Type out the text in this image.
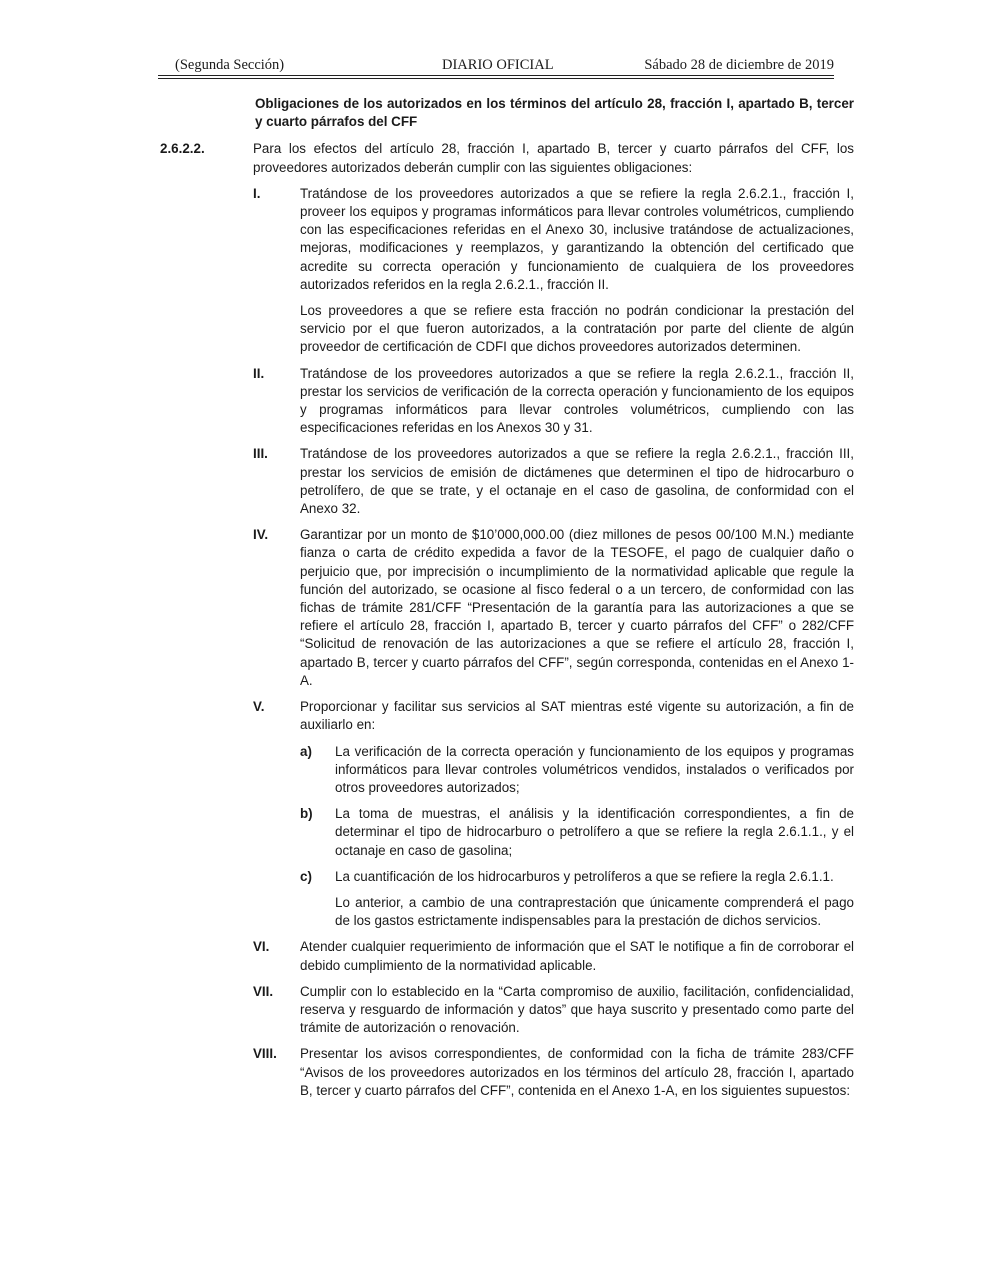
(Segunda Sección)	DIARIO OFICIAL	Sábado 28 de diciembre de 2019
Obligaciones de los autorizados en los términos del artículo 28, fracción I, apartado B, tercer y cuarto párrafos del CFF
2.6.2.2.	Para los efectos del artículo 28, fracción I, apartado B, tercer y cuarto párrafos del CFF, los proveedores autorizados deberán cumplir con las siguientes obligaciones:
I.	Tratándose de los proveedores autorizados a que se refiere la regla 2.6.2.1., fracción I, proveer los equipos y programas informáticos para llevar controles volumétricos, cumpliendo con las especificaciones referidas en el Anexo 30, inclusive tratándose de actualizaciones, mejoras, modificaciones y reemplazos, y garantizando la obtención del certificado que acredite su correcta operación y funcionamiento de cualquiera de los proveedores autorizados referidos en la regla 2.6.2.1., fracción II.

Los proveedores a que se refiere esta fracción no podrán condicionar la prestación del servicio por el que fueron autorizados, a la contratación por parte del cliente de algún proveedor de certificación de CDFI que dichos proveedores autorizados determinen.

II.	Tratándose de los proveedores autorizados a que se refiere la regla 2.6.2.1., fracción II, prestar los servicios de verificación de la correcta operación y funcionamiento de los equipos y programas informáticos para llevar controles volumétricos, cumpliendo con las especificaciones referidas en los Anexos 30 y 31.

III.	Tratándose de los proveedores autorizados a que se refiere la regla 2.6.2.1., fracción III, prestar los servicios de emisión de dictámenes que determinen el tipo de hidrocarburo o petrolífero, de que se trate, y el octanaje en el caso de gasolina, de conformidad con el Anexo 32.

IV.	Garantizar por un monto de $10’000,000.00 (diez millones de pesos 00/100 M.N.) mediante fianza o carta de crédito expedida a favor de la TESOFE, el pago de cualquier daño o perjuicio que, por imprecisión o incumplimiento de la normatividad aplicable que regule la función del autorizado, se ocasione al fisco federal o a un tercero, de conformidad con las fichas de trámite 281/CFF “Presentación de la garantía para las autorizaciones a que se refiere el artículo 28, fracción I, apartado B, tercer y cuarto párrafos del CFF” o 282/CFF “Solicitud de renovación de las autorizaciones a que se refiere el artículo 28, fracción I, apartado B, tercer y cuarto párrafos del CFF”, según corresponda, contenidas en el Anexo 1-A.

V.	Proporcionar y facilitar sus servicios al SAT mientras esté vigente su autorización, a fin de auxiliarlo en:

a)	La verificación de la correcta operación y funcionamiento de los equipos y programas informáticos para llevar controles volumétricos vendidos, instalados o verificados por otros proveedores autorizados;

b)	La toma de muestras, el análisis y la identificación correspondientes, a fin de determinar el tipo de hidrocarburo o petrolífero a que se refiere la regla 2.6.1.1., y el octanaje en caso de gasolina;

c)	La cuantificación de los hidrocarburos y petrolíferos a que se refiere la regla 2.6.1.1.

Lo anterior, a cambio de una contraprestación que únicamente comprenderá el pago de los gastos estrictamente indispensables para la prestación de dichos servicios.

VI.	Atender cualquier requerimiento de información que el SAT le notifique a fin de corroborar el debido cumplimiento de la normatividad aplicable.

VII.	Cumplir con lo establecido en la “Carta compromiso de auxilio, facilitación, confidencialidad, reserva y resguardo de información y datos” que haya suscrito y presentado como parte del trámite de autorización o renovación.

VIII.	Presentar los avisos correspondientes, de conformidad con la ficha de trámite 283/CFF “Avisos de los proveedores autorizados en los términos del artículo 28, fracción I, apartado B, tercer y cuarto párrafos del CFF”, contenida en el Anexo 1-A, en los siguientes supuestos:
